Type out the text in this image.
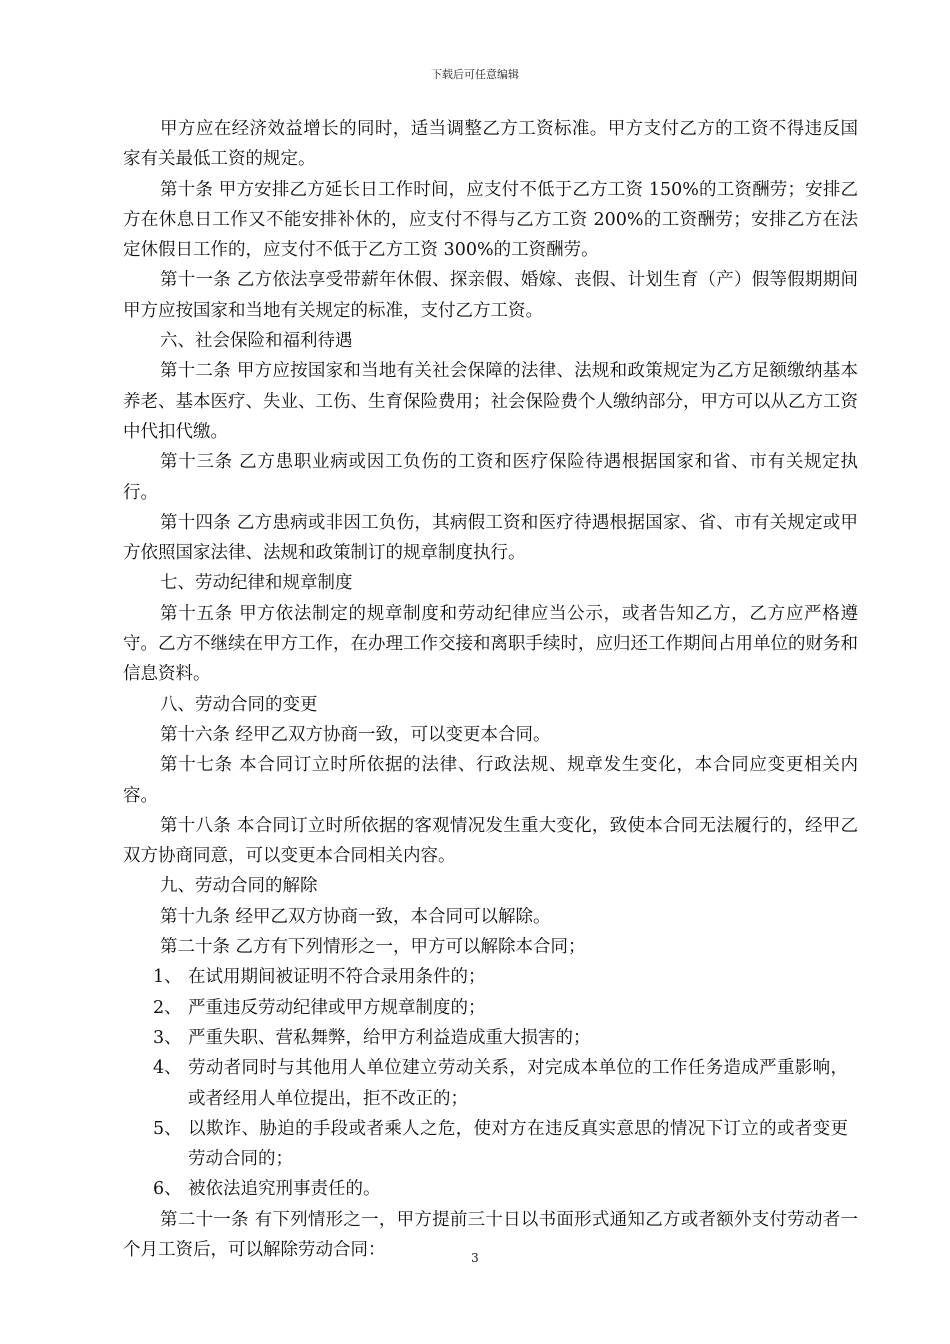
下载后可任意编辑

甲方应在经济效益增长的同时，适当调整乙方工资标准。甲方支付乙方的工资不得违反国家有关最低工资的规定。

第十条 甲方安排乙方延长日工作时间，应支付不低于乙方工资 150%的工资酬劳；安排乙方在休息日工作又不能安排补休的，应支付不得与乙方工资 200%的工资酬劳；安排乙方在法定休假日工作的，应支付不低于乙方工资 300%的工资酬劳。

第十一条 乙方依法享受带薪年休假、探亲假、婚嫁、丧假、计划生育（产）假等假期期间甲方应按国家和当地有关规定的标准，支付乙方工资。

六、社会保险和福利待遇

第十二条 甲方应按国家和当地有关社会保障的法律、法规和政策规定为乙方足额缴纳基本养老、基本医疗、失业、工伤、生育保险费用；社会保险费个人缴纳部分，甲方可以从乙方工资中代扣代缴。

第十三条 乙方患职业病或因工负伤的工资和医疗保险待遇根据国家和省、市有关规定执行。

第十四条 乙方患病或非因工负伤，其病假工资和医疗待遇根据国家、省、市有关规定或甲方依照国家法律、法规和政策制订的规章制度执行。

七、劳动纪律和规章制度

第十五条 甲方依法制定的规章制度和劳动纪律应当公示，或者告知乙方，乙方应严格遵守。乙方不继续在甲方工作，在办理工作交接和离职手续时，应归还工作期间占用单位的财务和信息资料。

八、劳动合同的变更

第十六条 经甲乙双方协商一致，可以变更本合同。

第十七条 本合同订立时所依据的法律、行政法规、规章发生变化，本合同应变更相关内容。

第十八条 本合同订立时所依据的客观情况发生重大变化，致使本合同无法履行的，经甲乙双方协商同意，可以变更本合同相关内容。

九、劳动合同的解除

第十九条 经甲乙双方协商一致，本合同可以解除。

第二十条 乙方有下列情形之一，甲方可以解除本合同；

1、 在试用期间被证明不符合录用条件的；

2、 严重违反劳动纪律或甲方规章制度的；

3、 严重失职、营私舞弊，给甲方利益造成重大损害的；

4、 劳动者同时与其他用人单位建立劳动关系，对完成本单位的工作任务造成严重影响，或者经用人单位提出，拒不改正的；

5、 以欺诈、胁迫的手段或者乘人之危，使对方在违反真实意思的情况下订立的或者变更劳动合同的；

6、 被依法追究刑事责任的。

第二十一条 有下列情形之一，甲方提前三十日以书面形式通知乙方或者额外支付劳动者一个月工资后，可以解除劳动合同：	3
